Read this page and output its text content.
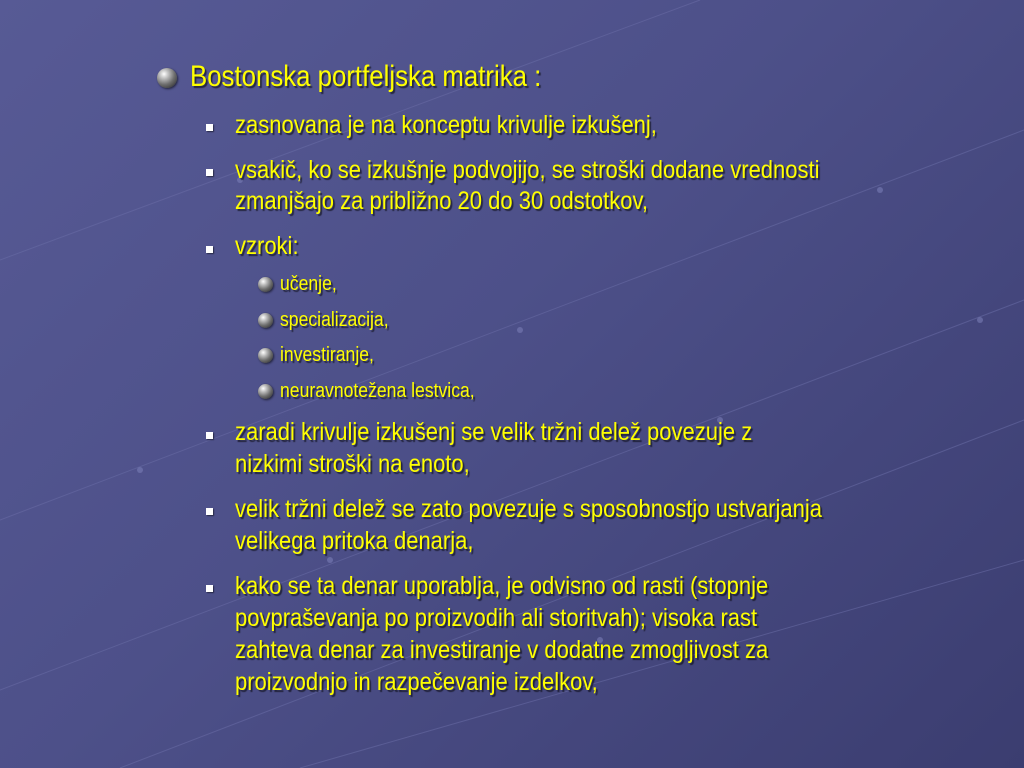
Bostonska portfeljska matrika :
zasnovana je na konceptu krivulje izkušenj,
vsakič, ko se izkušnje podvojijo, se stroški dodane vrednosti
zmanjšajo za približno 20 do 30 odstotkov,
vzroki:
učenje,
specializacija,
investiranje,
neuravnotežena lestvica,
zaradi krivulje izkušenj se velik tržni delež povezuje z
nizkimi stroški na enoto,
velik tržni delež se zato povezuje s sposobnostjo ustvarjanja
velikega pritoka denarja,
kako se ta denar uporablja, je odvisno od rasti (stopnje
povpraševanja po proizvodih ali storitvah); visoka rast
zahteva denar za investiranje v dodatne zmogljivost za
proizvodnjo in razpečevanje izdelkov,
